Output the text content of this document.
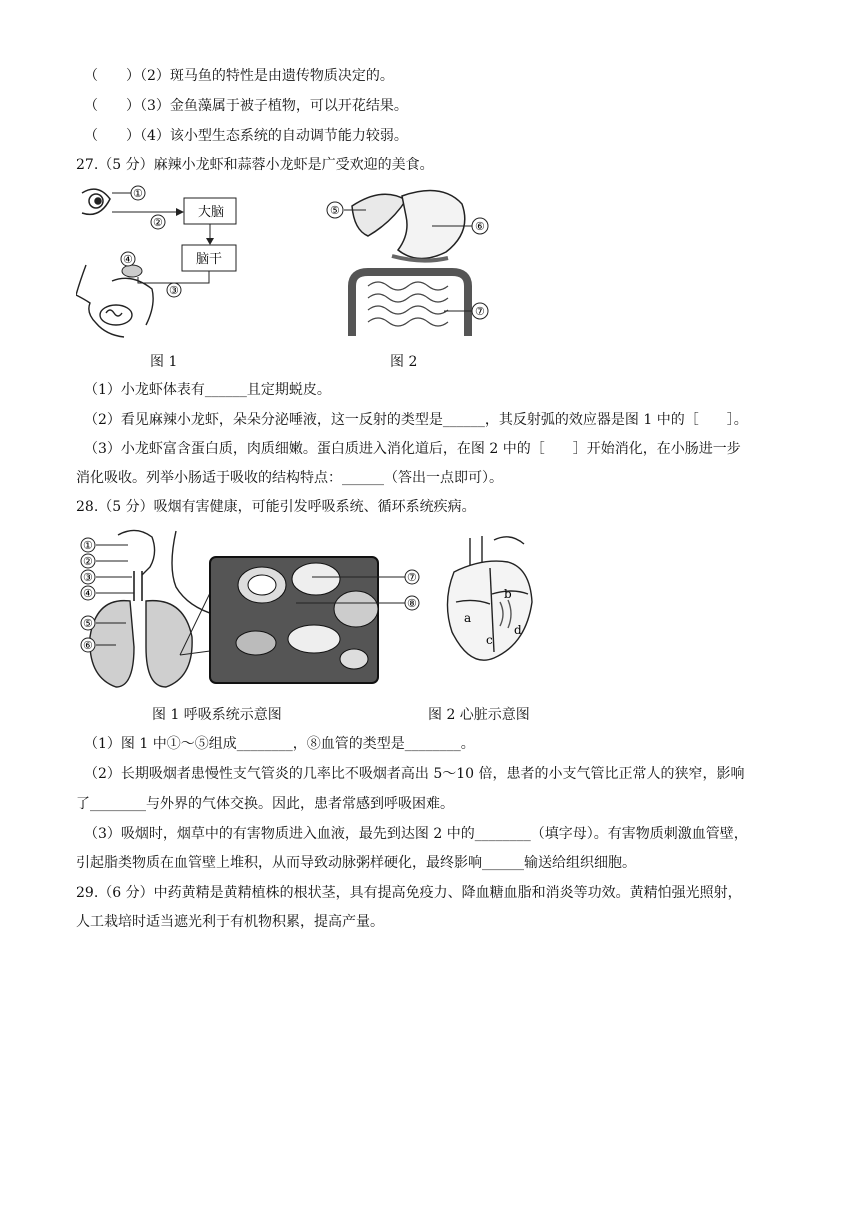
（　　）（2）斑马鱼的特性是由遗传物质决定的。
（　　）（3）金鱼藻属于被子植物，可以开花结果。
（　　）（4）该小型生态系统的自动调节能力较弱。
27.（5 分）麻辣小龙虾和蒜蓉小龙虾是广受欢迎的美食。
①
②
大脑
脑干
③
④
⑤
⑥
⑦
图 1	图 2
（1）小龙虾体表有______且定期蜕皮。
（2）看见麻辣小龙虾，朵朵分泌唾液，这一反射的类型是______，其反射弧的效应器是图 1 中的［　　］。
（3）小龙虾富含蛋白质，肉质细嫩。蛋白质进入消化道后，在图 2 中的［　　］开始消化，在小肠进一步
消化吸收。列举小肠适于吸收的结构特点：______（答出一点即可）。
28.（5 分）吸烟有害健康，可能引发呼吸系统、循环系统疾病。
①
②
③
④
⑤
⑥
⑦
⑧
a
b
c
d
图 1 呼吸系统示意图	图 2 心脏示意图
（1）图 1 中①～⑤组成________，⑧血管的类型是________。
（2）长期吸烟者患慢性支气管炎的几率比不吸烟者高出 5～10 倍，患者的小支气管比正常人的狭窄，影响
了________与外界的气体交换。因此，患者常感到呼吸困难。
（3）吸烟时，烟草中的有害物质进入血液，最先到达图 2 中的________（填字母）。有害物质刺激血管壁，
引起脂类物质在血管壁上堆积，从而导致动脉粥样硬化，最终影响______输送给组织细胞。
29.（6 分）中药黄精是黄精植株的根状茎，具有提高免疫力、降血糖血脂和消炎等功效。黄精怕强光照射，
人工栽培时适当遮光利于有机物积累，提高产量。
